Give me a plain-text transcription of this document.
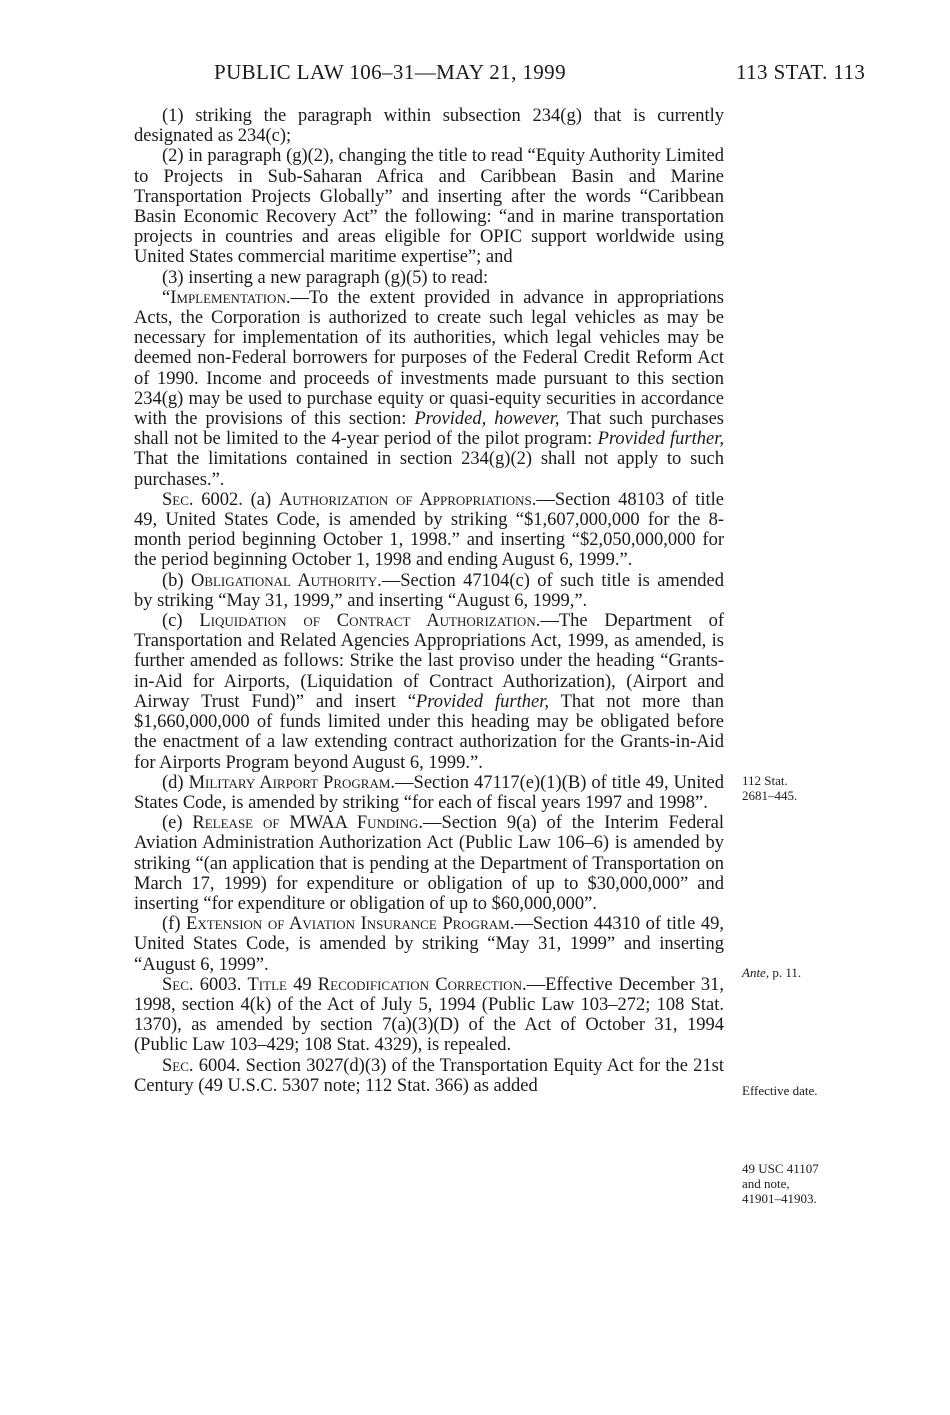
PUBLIC LAW 106–31—MAY 21, 1999	113 STAT. 113

(1) striking the paragraph within subsection 234(g) that is currently designated as 234(c);

(2) in paragraph (g)(2), changing the title to read “Equity Authority Limited to Projects in Sub-Saharan Africa and Caribbean Basin and Marine Transportation Projects Globally” and inserting after the words “Caribbean Basin Economic Recovery Act” the following: “and in marine transportation projects in countries and areas eligible for OPIC support worldwide using United States commercial maritime expertise”; and

(3) inserting a new paragraph (g)(5) to read:

“Implementation.—To the extent provided in advance in appropriations Acts, the Corporation is authorized to create such legal vehicles as may be necessary for implementation of its authorities, which legal vehicles may be deemed non-Federal borrowers for purposes of the Federal Credit Reform Act of 1990. Income and proceeds of investments made pursuant to this section 234(g) may be used to purchase equity or quasi-equity securities in accordance with the provisions of this section: Provided, however, That such purchases shall not be limited to the 4-year period of the pilot program: Provided further, That the limitations contained in section 234(g)(2) shall not apply to such purchases.”.

Sec. 6002. (a) Authorization of Appropriations.—Section 48103 of title 49, United States Code, is amended by striking “$1,607,000,000 for the 8-month period beginning October 1, 1998.” and inserting “$2,050,000,000 for the period beginning October 1, 1998 and ending August 6, 1999.”.

(b) Obligational Authority.—Section 47104(c) of such title is amended by striking “May 31, 1999,” and inserting “August 6, 1999,”.

(c) Liquidation of Contract Authorization.—The Department of Transportation and Related Agencies Appropriations Act, 1999, as amended, is further amended as follows: Strike the last proviso under the heading “Grants-in-Aid for Airports, (Liquidation of Contract Authorization), (Airport and Airway Trust Fund)” and insert “Provided further, That not more than $1,660,000,000 of funds limited under this heading may be obligated before the enactment of a law extending contract authorization for the Grants-in-Aid for Airports Program beyond August 6, 1999.”.

(d) Military Airport Program.—Section 47117(e)(1)(B) of title 49, United States Code, is amended by striking “for each of fiscal years 1997 and 1998”.

(e) Release of MWAA Funding.—Section 9(a) of the Interim Federal Aviation Administration Authorization Act (Public Law 106–6) is amended by striking “(an application that is pending at the Department of Transportation on March 17, 1999) for expenditure or obligation of up to $30,000,000” and inserting “for expenditure or obligation of up to $60,000,000”.

(f) Extension of Aviation Insurance Program.—Section 44310 of title 49, United States Code, is amended by striking “May 31, 1999” and inserting “August 6, 1999”.

Sec. 6003. Title 49 Recodification Correction.—Effective December 31, 1998, section 4(k) of the Act of July 5, 1994 (Public Law 103–272; 108 Stat. 1370), as amended by section 7(a)(3)(D) of the Act of October 31, 1994 (Public Law 103–429; 108 Stat. 4329), is repealed.

Sec. 6004. Section 3027(d)(3) of the Transportation Equity Act for the 21st Century (49 U.S.C. 5307 note; 112 Stat. 366) as added

112 Stat.
2681–445.

Ante, p. 11.

Effective date.
49 USC 41107
and note,
41901–41903.
